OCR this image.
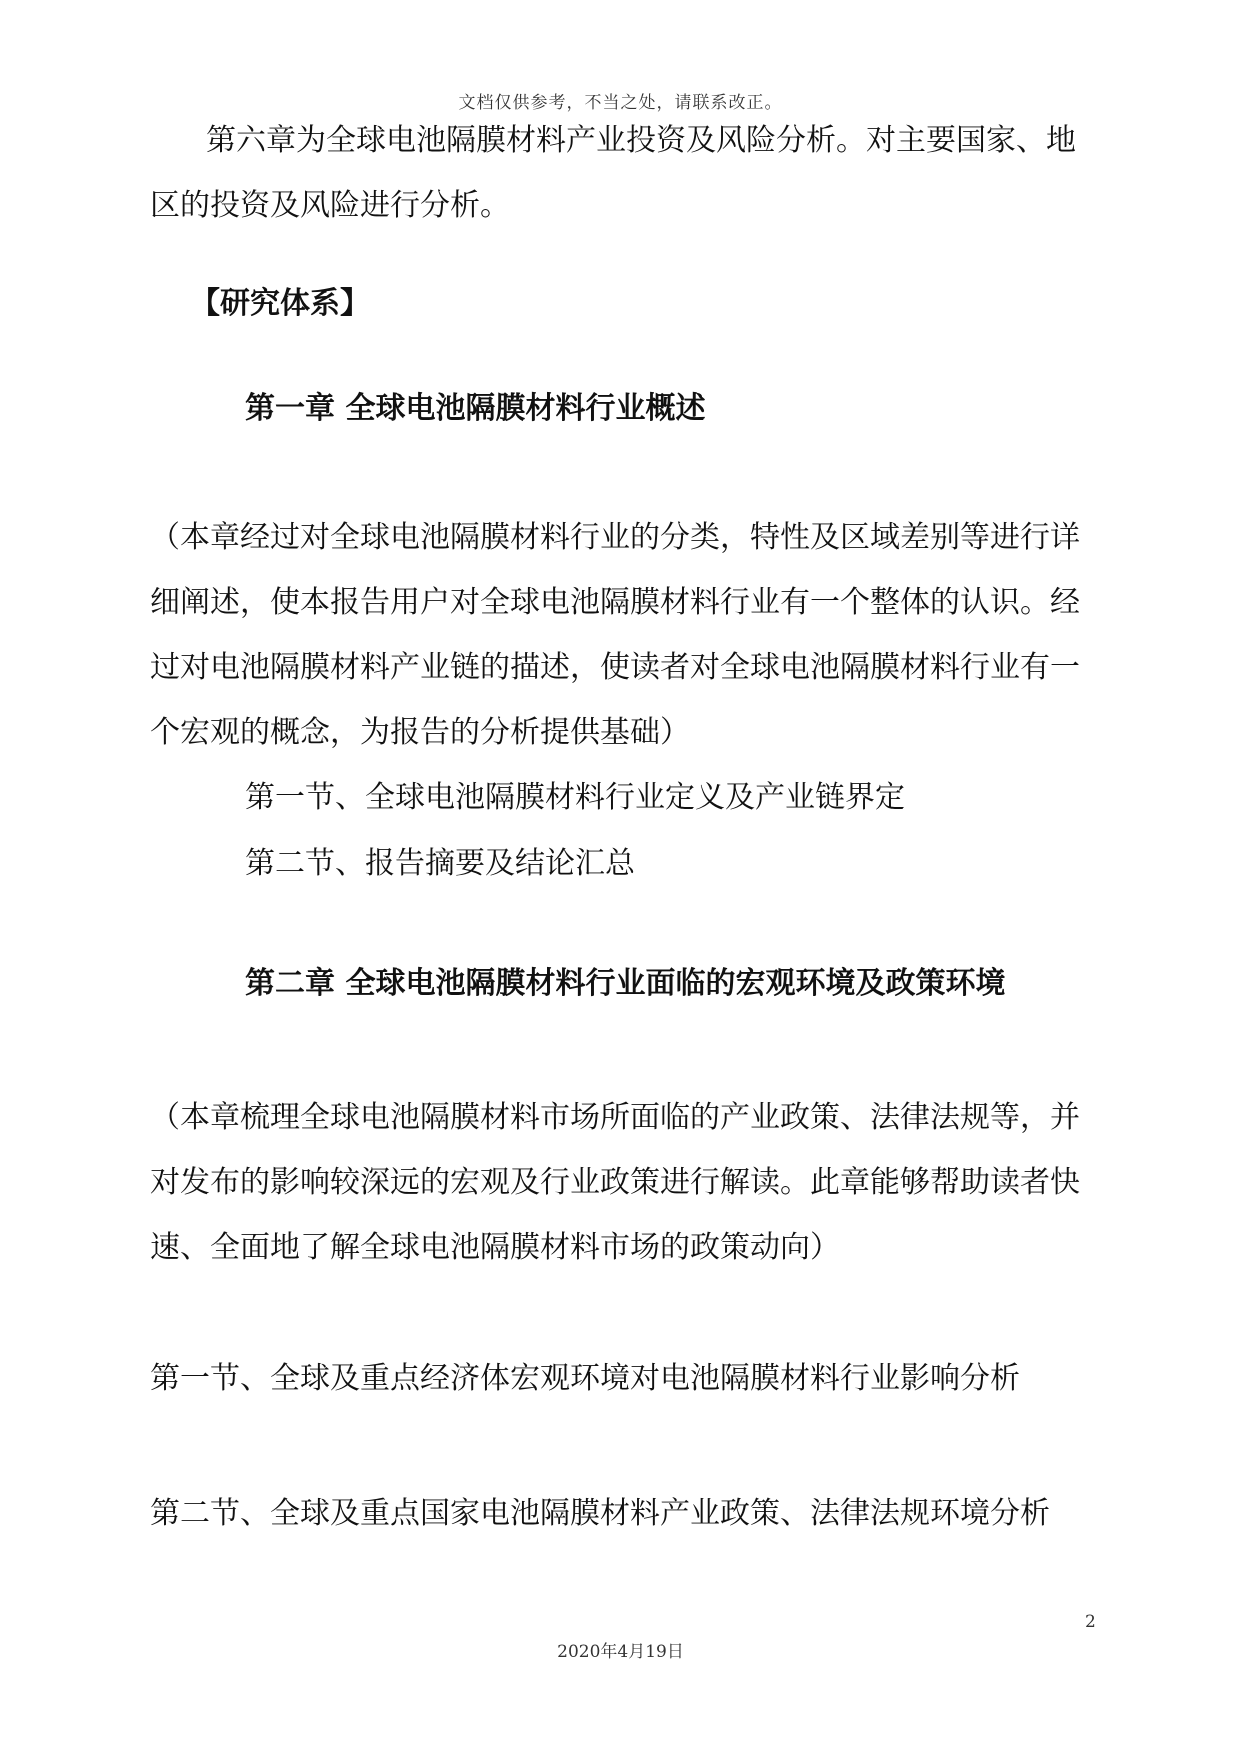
文档仅供参考，不当之处，请联系改正。
第六章为全球电池隔膜材料产业投资及风险分析。对主要国家、地区的投资及风险进行分析。
【研究体系】
第一章 全球电池隔膜材料行业概述
（本章经过对全球电池隔膜材料行业的分类，特性及区域差别等进行详细阐述，使本报告用户对全球电池隔膜材料行业有一个整体的认识。经过对电池隔膜材料产业链的描述，使读者对全球电池隔膜材料行业有一个宏观的概念，为报告的分析提供基础）
第一节、全球电池隔膜材料行业定义及产业链界定
第二节、报告摘要及结论汇总
第二章 全球电池隔膜材料行业面临的宏观环境及政策环境
（本章梳理全球电池隔膜材料市场所面临的产业政策、法律法规等，并对发布的影响较深远的宏观及行业政策进行解读。此章能够帮助读者快速、全面地了解全球电池隔膜材料市场的政策动向）
第一节、全球及重点经济体宏观环境对电池隔膜材料行业影响分析
第二节、全球及重点国家电池隔膜材料产业政策、法律法规环境分析
2
2020年4月19日
